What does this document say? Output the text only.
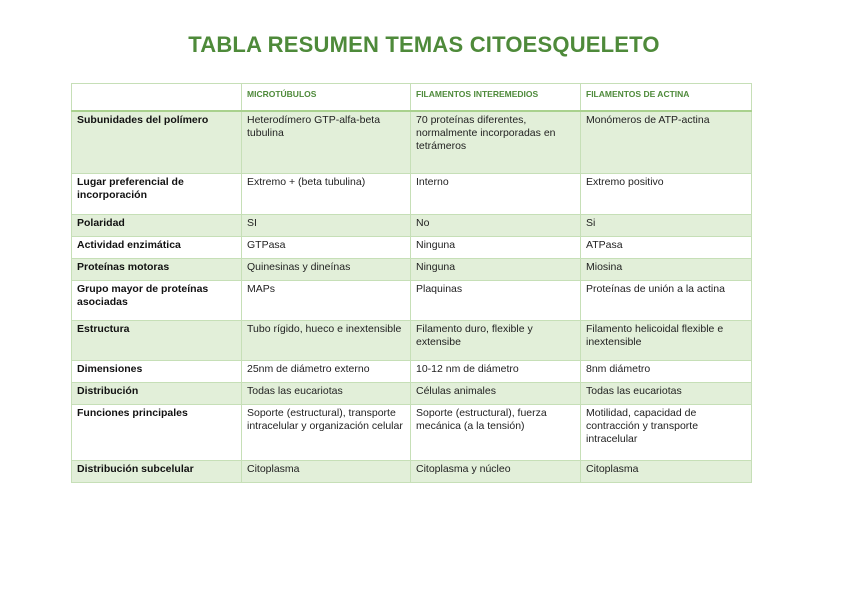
TABLA RESUMEN TEMAS CITOESQUELETO
	MICROTÚBULOS	FILAMENTOS INTEREMEDIOS	FILAMENTOS DE ACTINA
Subunidades del polímero	Heterodímero GTP-alfa-beta tubulina	70 proteínas diferentes, normalmente incorporadas en tetrámeros	Monómeros de ATP-actina
Lugar preferencial de incorporación	Extremo + (beta tubulina)	Interno	Extremo positivo
Polaridad	SI	No	Si
Actividad enzimática	GTPasa	Ninguna	ATPasa
Proteínas motoras	Quinesinas y dineínas	Ninguna	Miosina
Grupo mayor de proteínas asociadas	MAPs	Plaquinas	Proteínas de unión a la actina
Estructura	Tubo rígido, hueco e inextensible	Filamento duro, flexible y extensibe	Filamento helicoidal flexible e inextensible
Dimensiones	25nm de diámetro externo	10-12 nm de diámetro	8nm diámetro
Distribución	Todas las eucariotas	Células animales	Todas las eucariotas
Funciones principales	Soporte (estructural), transporte intracelular y organización celular	Soporte (estructural), fuerza mecánica (a la tensión)	Motilidad, capacidad de contracción y transporte intracelular
Distribución subcelular	Citoplasma	Citoplasma y núcleo	Citoplasma
